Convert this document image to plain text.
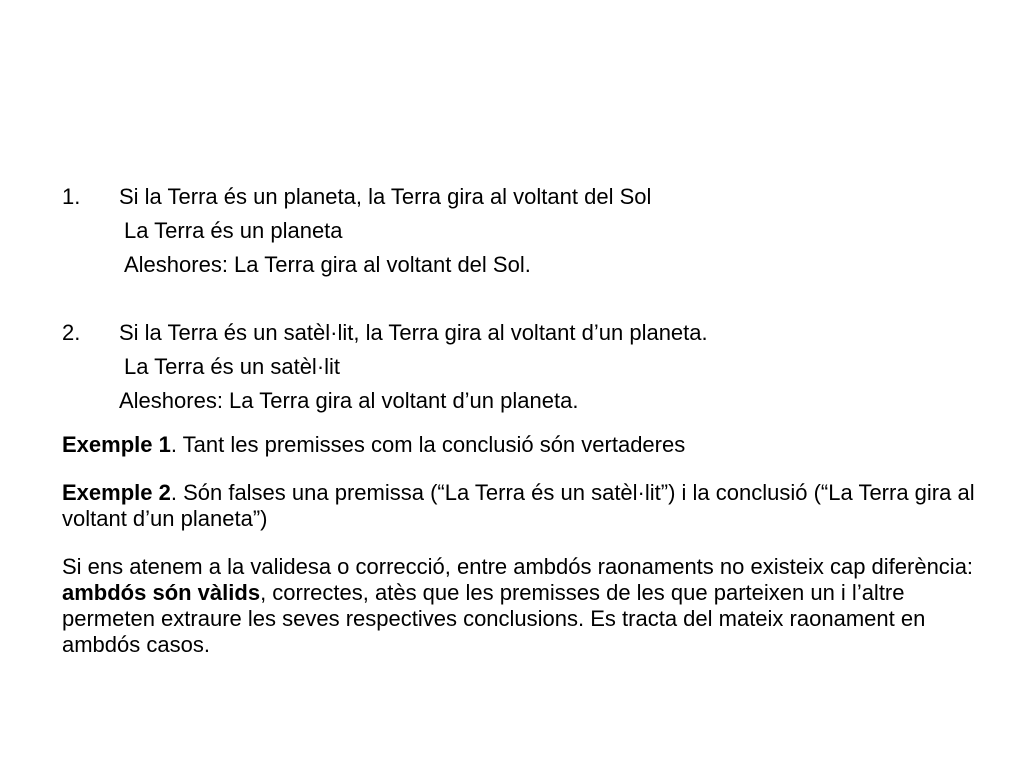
1.	Si la Terra és un planeta, la Terra gira al voltant del Sol
La Terra és un planeta
Aleshores: La Terra gira al voltant del Sol.
2.	Si la Terra és un satèl·lit, la Terra gira al voltant d’un planeta.
La Terra és un satèl·lit
Aleshores: La Terra gira al voltant d’un planeta.

Exemple 1. Tant les premisses com la conclusió són vertaderes

Exemple 2. Són falses una premissa (“La Terra és un satèl·lit”) i la conclusió (“La Terra gira al voltant d’un planeta”)

Si ens atenem a la validesa o correcció, entre ambdós raonaments no existeix cap diferència: ambdós són vàlids, correctes, atès que les premisses de les que parteixen un i l’altre permeten extraure les seves respectives conclusions. Es tracta del mateix raonament en ambdós casos.
